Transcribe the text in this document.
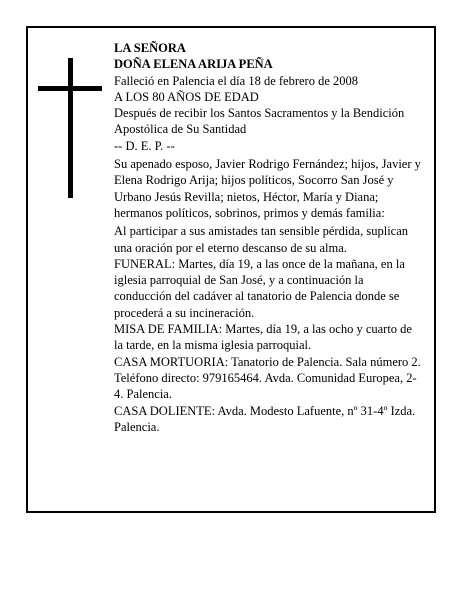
LA SEÑORA

DOÑA ELENA ARIJA PEÑA

Falleció en Palencia el día 18 de febrero de 2008

A LOS 80 AÑOS DE EDAD

Después de recibir los Santos Sacramentos y la Bendición Apostólica de Su Santidad

-- D. E. P. --

Su apenado esposo, Javier Rodrigo Fernández; hijos, Javier y Elena Rodrigo Arija; hijos políticos, Socorro San José y Urbano Jesús Revilla; nietos, Héctor, María y Diana; hermanos políticos, sobrinos, primos y demás familia:

Al participar a sus amistades tan sensible pérdida, suplican una oración por el eterno descanso de su alma.

FUNERAL: Martes, día 19, a las once de la mañana, en la iglesia parroquial de San José, y a continuación la conducción del cadáver al tanatorio de Palencia donde se procederá a su incineración.

MISA DE FAMILIA: Martes, día 19, a las ocho y cuarto de la tarde, en la misma iglesia parroquial.

CASA MORTUORIA: Tanatorio de Palencia. Sala número 2. Teléfono directo: 979165464. Avda. Comunidad Europea, 2-4. Palencia.

CASA DOLIENTE: Avda. Modesto Lafuente, nº 31-4º Izda. Palencia.
